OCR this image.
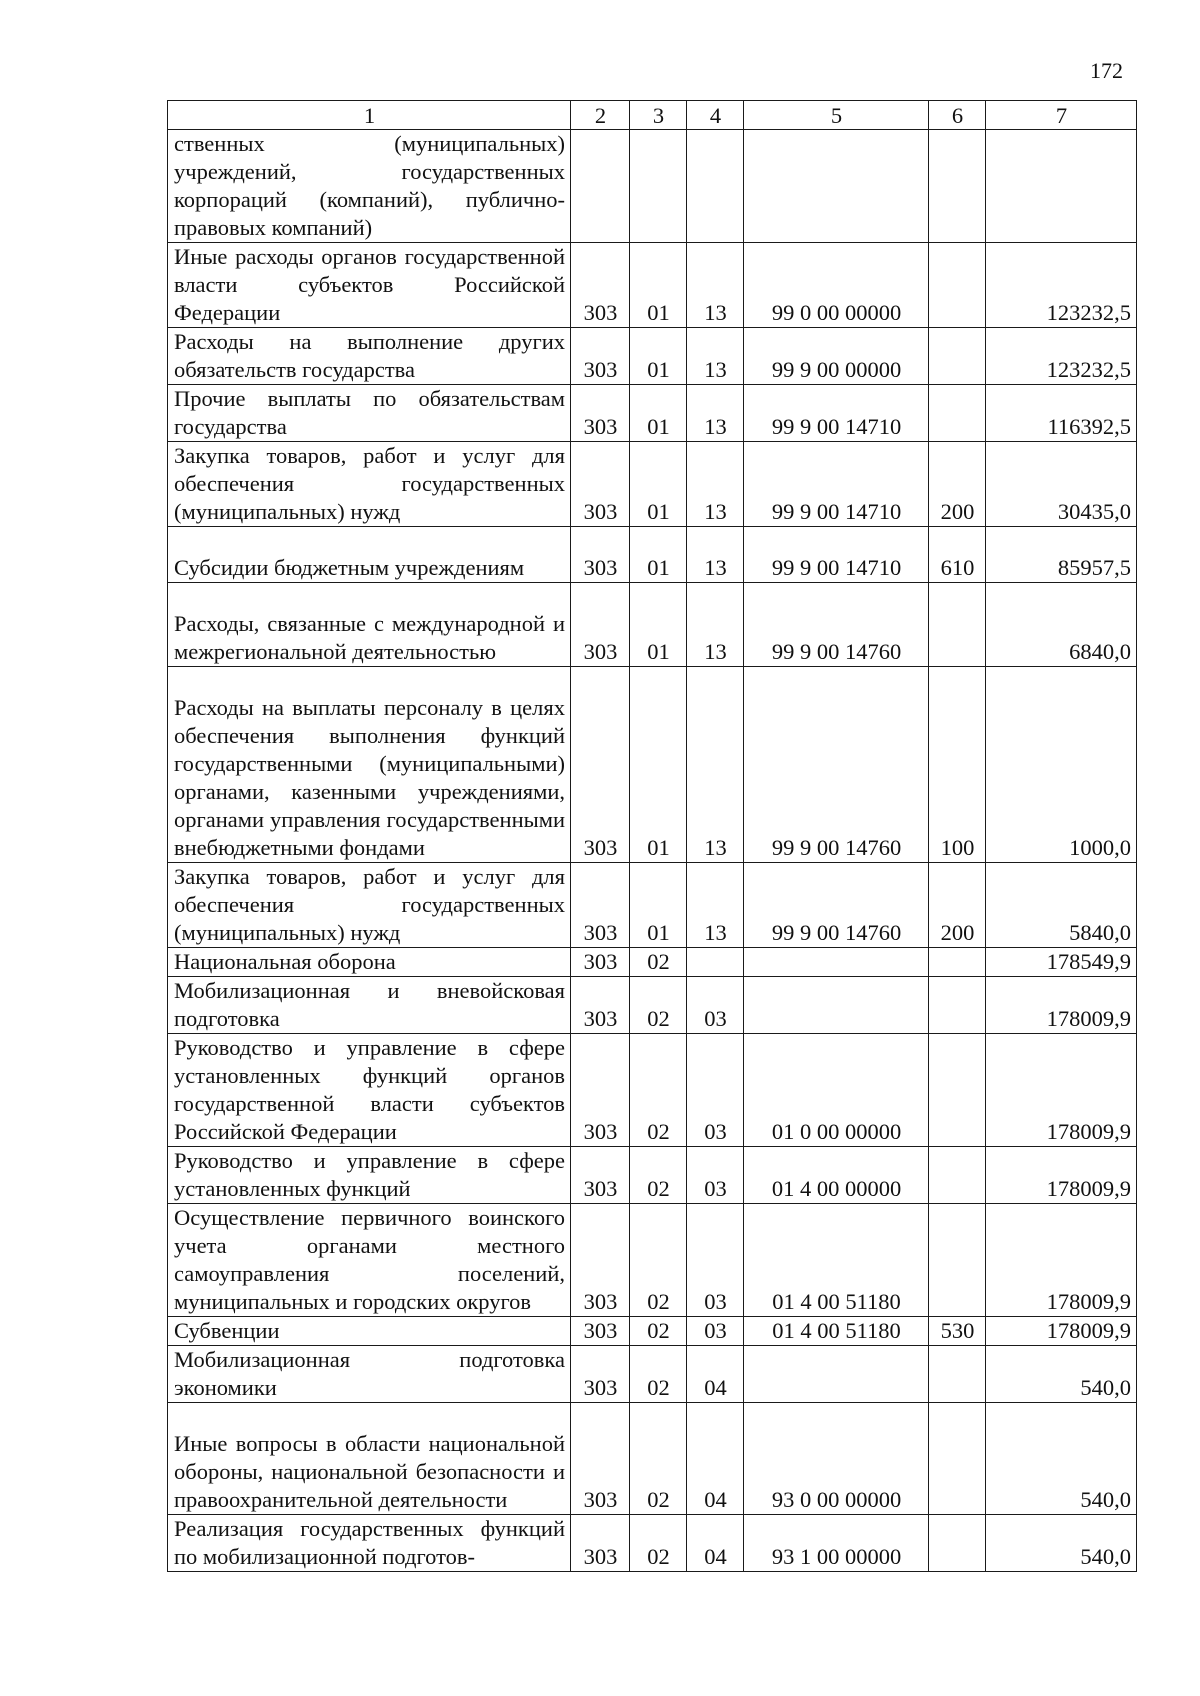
172
1	2	3	4	5	6	7
ственных (муниципальных) учреждений, государственных корпораций (компаний), публично-правовых компаний)						
Иные расходы органов государственной власти субъектов Российской Федерации	303	01	13	99 0 00 00000		123232,5
Расходы на выполнение других обязательств государства	303	01	13	99 9 00 00000		123232,5
Прочие выплаты по обязательствам государства	303	01	13	99 9 00 14710		116392,5
Закупка товаров, работ и услуг для обеспечения государственных (муниципальных) нужд	303	01	13	99 9 00 14710	200	30435,0
Субсидии бюджетным учреждениям	303	01	13	99 9 00 14710	610	85957,5
Расходы, связанные с международной и межрегиональной деятельностью	303	01	13	99 9 00 14760		6840,0
Расходы на выплаты персоналу в целях обеспечения выполнения функций государственными (муниципальными) органами, казенными учреждениями, органами управления государственными внебюджетными фондами	303	01	13	99 9 00 14760	100	1000,0
Закупка товаров, работ и услуг для обеспечения государственных (муниципальных) нужд	303	01	13	99 9 00 14760	200	5840,0
Национальная оборона	303	02				178549,9
Мобилизационная и вневойсковая подготовка	303	02	03			178009,9
Руководство и управление в сфере установленных функций органов государственной власти субъектов Российской Федерации	303	02	03	01 0 00 00000		178009,9
Руководство и управление в сфере установленных функций	303	02	03	01 4 00 00000		178009,9
Осуществление первичного воинского учета органами местного самоуправления поселений, муниципальных и городских округов	303	02	03	01 4 00 51180		178009,9
Субвенции	303	02	03	01 4 00 51180	530	178009,9
Мобилизационная подготовка экономики	303	02	04			540,0
Иные вопросы в области национальной обороны, национальной безопасности и правоохранительной деятельности	303	02	04	93 0 00 00000		540,0
Реализация государственных функций по мобилизационной подготов-	303	02	04	93 1 00 00000		540,0
